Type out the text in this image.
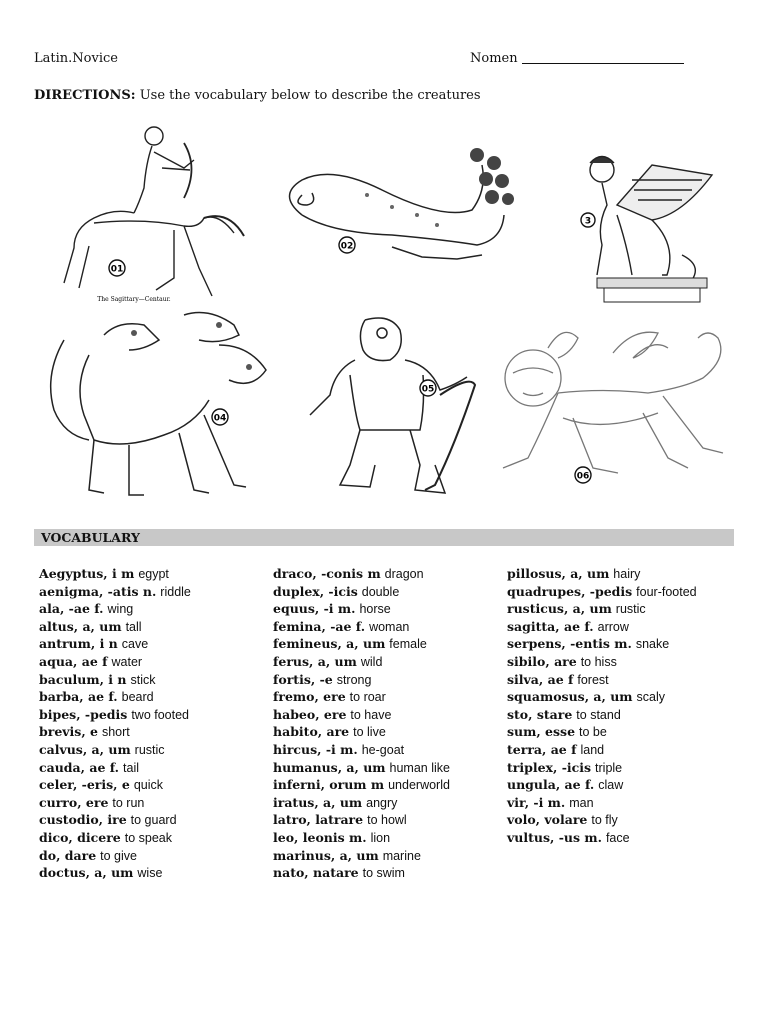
Latin.Novice	Nomen
DIRECTIONS: Use the vocabulary below to describe the creatures
01
The Sagittary—Centaur.
02
3
04
05
06
VOCABULARY
Aegyptus, i m egypt
aenigma, -atis n. riddle
ala, -ae f. wing
altus, a, um tall
antrum, i n cave
aqua, ae f water
baculum, i n stick
barba, ae f. beard
bipes, -pedis two footed
brevis, e short
calvus, a, um rustic
cauda, ae f. tail
celer, -eris, e quick
curro, ere to run
custodio, ire to guard
dico, dicere to speak
do, dare to give
doctus, a, um wise
draco, -conis m dragon
duplex, -icis double
equus, -i m. horse
femina, -ae f. woman
femineus, a, um female
ferus, a, um wild
fortis, -e strong
fremo, ere to roar
habeo, ere to have
habito, are to live
hircus, -i m. he-goat
humanus, a, um human like
inferni, orum m underworld
iratus, a, um angry
latro, latrare to howl
leo, leonis m. lion
marinus, a, um marine
nato, natare to swim
pillosus, a, um hairy
quadrupes, -pedis four-footed
rusticus, a, um rustic
sagitta, ae f. arrow
serpens, -entis m. snake
sibilo, are to hiss
silva, ae f forest
squamosus, a, um scaly
sto, stare to stand
sum, esse to be
terra, ae f land
triplex, -icis triple
ungula, ae f. claw
vir, -i m. man
volo, volare to fly
vultus, -us m. face
